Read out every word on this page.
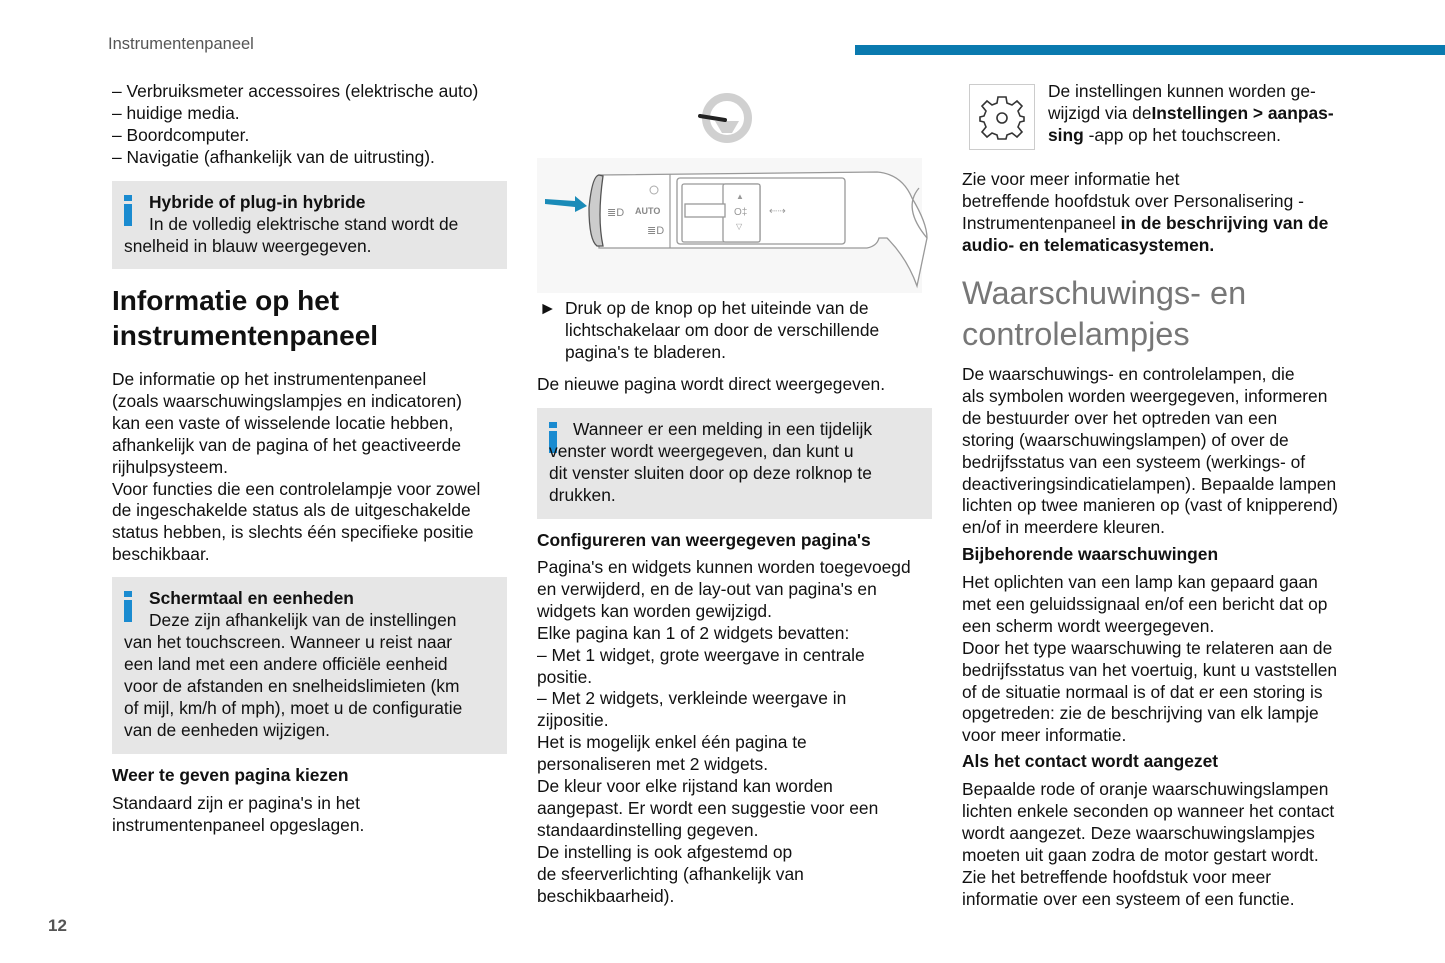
Instrumentenpaneel
12
– Verbruiksmeter accessoires (elektrische auto)
– huidige media.
– Boordcomputer.
– Navigatie (afhankelijk van de uitrusting).
Hybride of plug-in hybride
In de volledig elektrische stand wordt de
snelheid in blauw weergegeven.
Informatie op het
instrumentenpaneel
De informatie op het instrumentenpaneel
(zoals waarschuwingslampjes en indicatoren)
kan een vaste of wisselende locatie hebben,
afhankelijk van de pagina of het geactiveerde
rijhulpsysteem.
Voor functies die een controlelampje voor zowel
de ingeschakelde status als de uitgeschakelde
status hebben, is slechts één specifieke positie
beschikbaar.
Schermtaal en eenheden
Deze zijn afhankelijk van de instellingen
van het touchscreen. Wanneer u reist naar
een land met een andere officiële eenheid
voor de afstanden en snelheidslimieten (km
of mijl, km/h of mph), moet u de configuratie
van de eenheden wijzigen.
Weer te geven pagina kiezen
Standaard zijn er pagina's in het
instrumentenpaneel opgeslagen.
≣D AUTO
≣D
▲
O‡
▽
⇠⇢
► Druk op de knop op het uiteinde van de
lichtschakelaar om door de verschillende
pagina's te bladeren.
De nieuwe pagina wordt direct weergegeven.
Wanneer er een melding in een tijdelijk
venster wordt weergegeven, dan kunt u
dit venster sluiten door op deze rolknop te
drukken.
Configureren van weergegeven pagina's
Pagina's en widgets kunnen worden toegevoegd
en verwijderd, en de lay-out van pagina's en
widgets kan worden gewijzigd.
Elke pagina kan 1 of 2 widgets bevatten:
– Met 1 widget, grote weergave in centrale
positie.
– Met 2 widgets, verkleinde weergave in
zijpositie.
Het is mogelijk enkel één pagina te
personaliseren met 2 widgets.
De kleur voor elke rijstand kan worden
aangepast. Er wordt een suggestie voor een
standaardinstelling gegeven.
De instelling is ook afgestemd op
de sfeerverlichting (afhankelijk van
beschikbaarheid).
De instellingen kunnen worden ge-
wijzigd via deInstellingen > aanpas-
sing -app op het touchscreen.
Zie voor meer informatie het
betreffende hoofdstuk over Personalisering -
Instrumentenpaneel in de beschrijving van de
audio- en telematicasystemen.
Waarschuwings- en
controlelampjes
De waarschuwings- en controlelampen, die
als symbolen worden weergegeven, informeren
de bestuurder over het optreden van een
storing (waarschuwingslampen) of over de
bedrijfsstatus van een systeem (werkings- of
deactiveringsindicatielampen). Bepaalde lampen
lichten op twee manieren op (vast of knipperend)
en/of in meerdere kleuren.
Bijbehorende waarschuwingen
Het oplichten van een lamp kan gepaard gaan
met een geluidssignaal en/of een bericht dat op
een scherm wordt weergegeven.
Door het type waarschuwing te relateren aan de
bedrijfsstatus van het voertuig, kunt u vaststellen
of de situatie normaal is of dat er een storing is
opgetreden: zie de beschrijving van elk lampje
voor meer informatie.
Als het contact wordt aangezet
Bepaalde rode of oranje waarschuwingslampen
lichten enkele seconden op wanneer het contact
wordt aangezet. Deze waarschuwingslampjes
moeten uit gaan zodra de motor gestart wordt.
Zie het betreffende hoofdstuk voor meer
informatie over een systeem of een functie.
